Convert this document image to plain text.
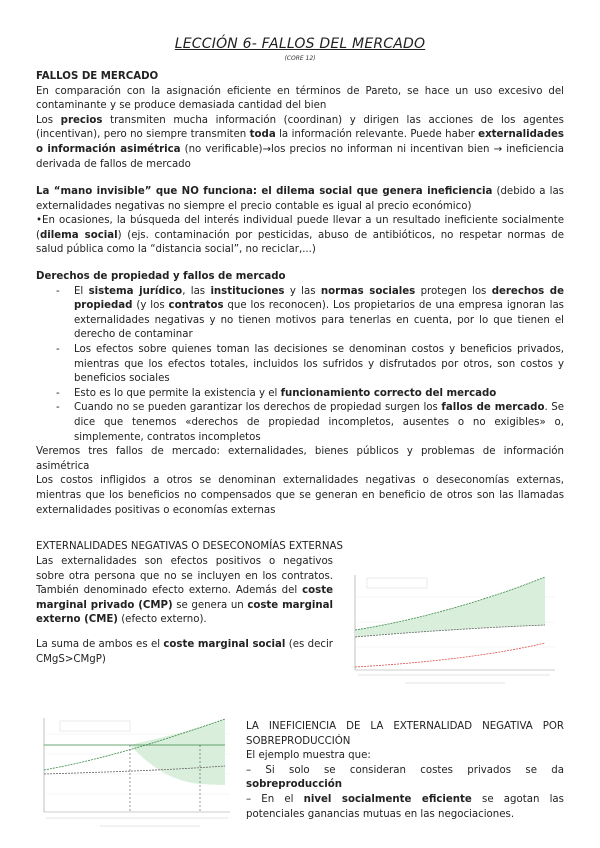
LECCIÓN 6- FALLOS DEL MERCADO
(CORE 12)
FALLOS DE MERCADO
En comparación con la asignación eficiente en términos de Pareto, se hace un uso excesivo del contaminante y se produce demasiada cantidad del bien
Los precios transmiten mucha información (coordinan) y dirigen las acciones de los agentes (incentivan), pero no siempre transmiten toda la información relevante. Puede haber externalidades o información asimétrica (no verificable)→los precios no informan ni incentivan bien → ineficiencia derivada de fallos de mercado
La “mano invisible” que NO funciona: el dilema social que genera ineficiencia (debido a las externalidades negativas no siempre el precio contable es igual al precio económico)
•En ocasiones, la búsqueda del interés individual puede llevar a un resultado ineficiente socialmente (dilema social) (ejs. contaminación por pesticidas, abuso de antibióticos, no respetar normas de salud pública como la “distancia social”, no reciclar,...)
Derechos de propiedad y fallos de mercado
- El sistema jurídico, las instituciones y las normas sociales protegen los derechos de propiedad (y los contratos que los reconocen). Los propietarios de una empresa ignoran las externalidades negativas y no tienen motivos para tenerlas en cuenta, por lo que tienen el derecho de contaminar
- Los efectos sobre quienes toman las decisiones se denominan costos y beneficios privados, mientras que los efectos totales, incluidos los sufridos y disfrutados por otros, son costos y beneficios sociales
- Esto es lo que permite la existencia y el funcionamiento correcto del mercado
- Cuando no se pueden garantizar los derechos de propiedad surgen los fallos de mercado. Se dice que tenemos «derechos de propiedad incompletos, ausentes o no exigibles» o, simplemente, contratos incompletos
Veremos tres fallos de mercado: externalidades, bienes públicos y problemas de información asimétrica
Los costos infligidos a otros se denominan externalidades negativas o deseconomías externas, mientras que los beneficios no compensados que se generan en beneficio de otros son las llamadas externalidades positivas o economías externas
EXTERNALIDADES NEGATIVAS O DESECONOMÍAS EXTERNAS
Las externalidades son efectos positivos o negativos sobre otra persona que no se incluyen en los contratos. También denominado efecto externo. Además del coste marginal privado (CMP) se genera un coste marginal externo (CME) (efecto externo).
La suma de ambos es el coste marginal social (es decir CMgS>CMgP)
LA INEFICIENCIA DE LA EXTERNALIDAD NEGATIVA POR SOBREPRODUCCIÓN
El ejemplo muestra que:
– Si solo se consideran costes privados se da sobreproducción
– En el nivel socialmente eficiente se agotan las potenciales ganancias mutuas en las negociaciones.
